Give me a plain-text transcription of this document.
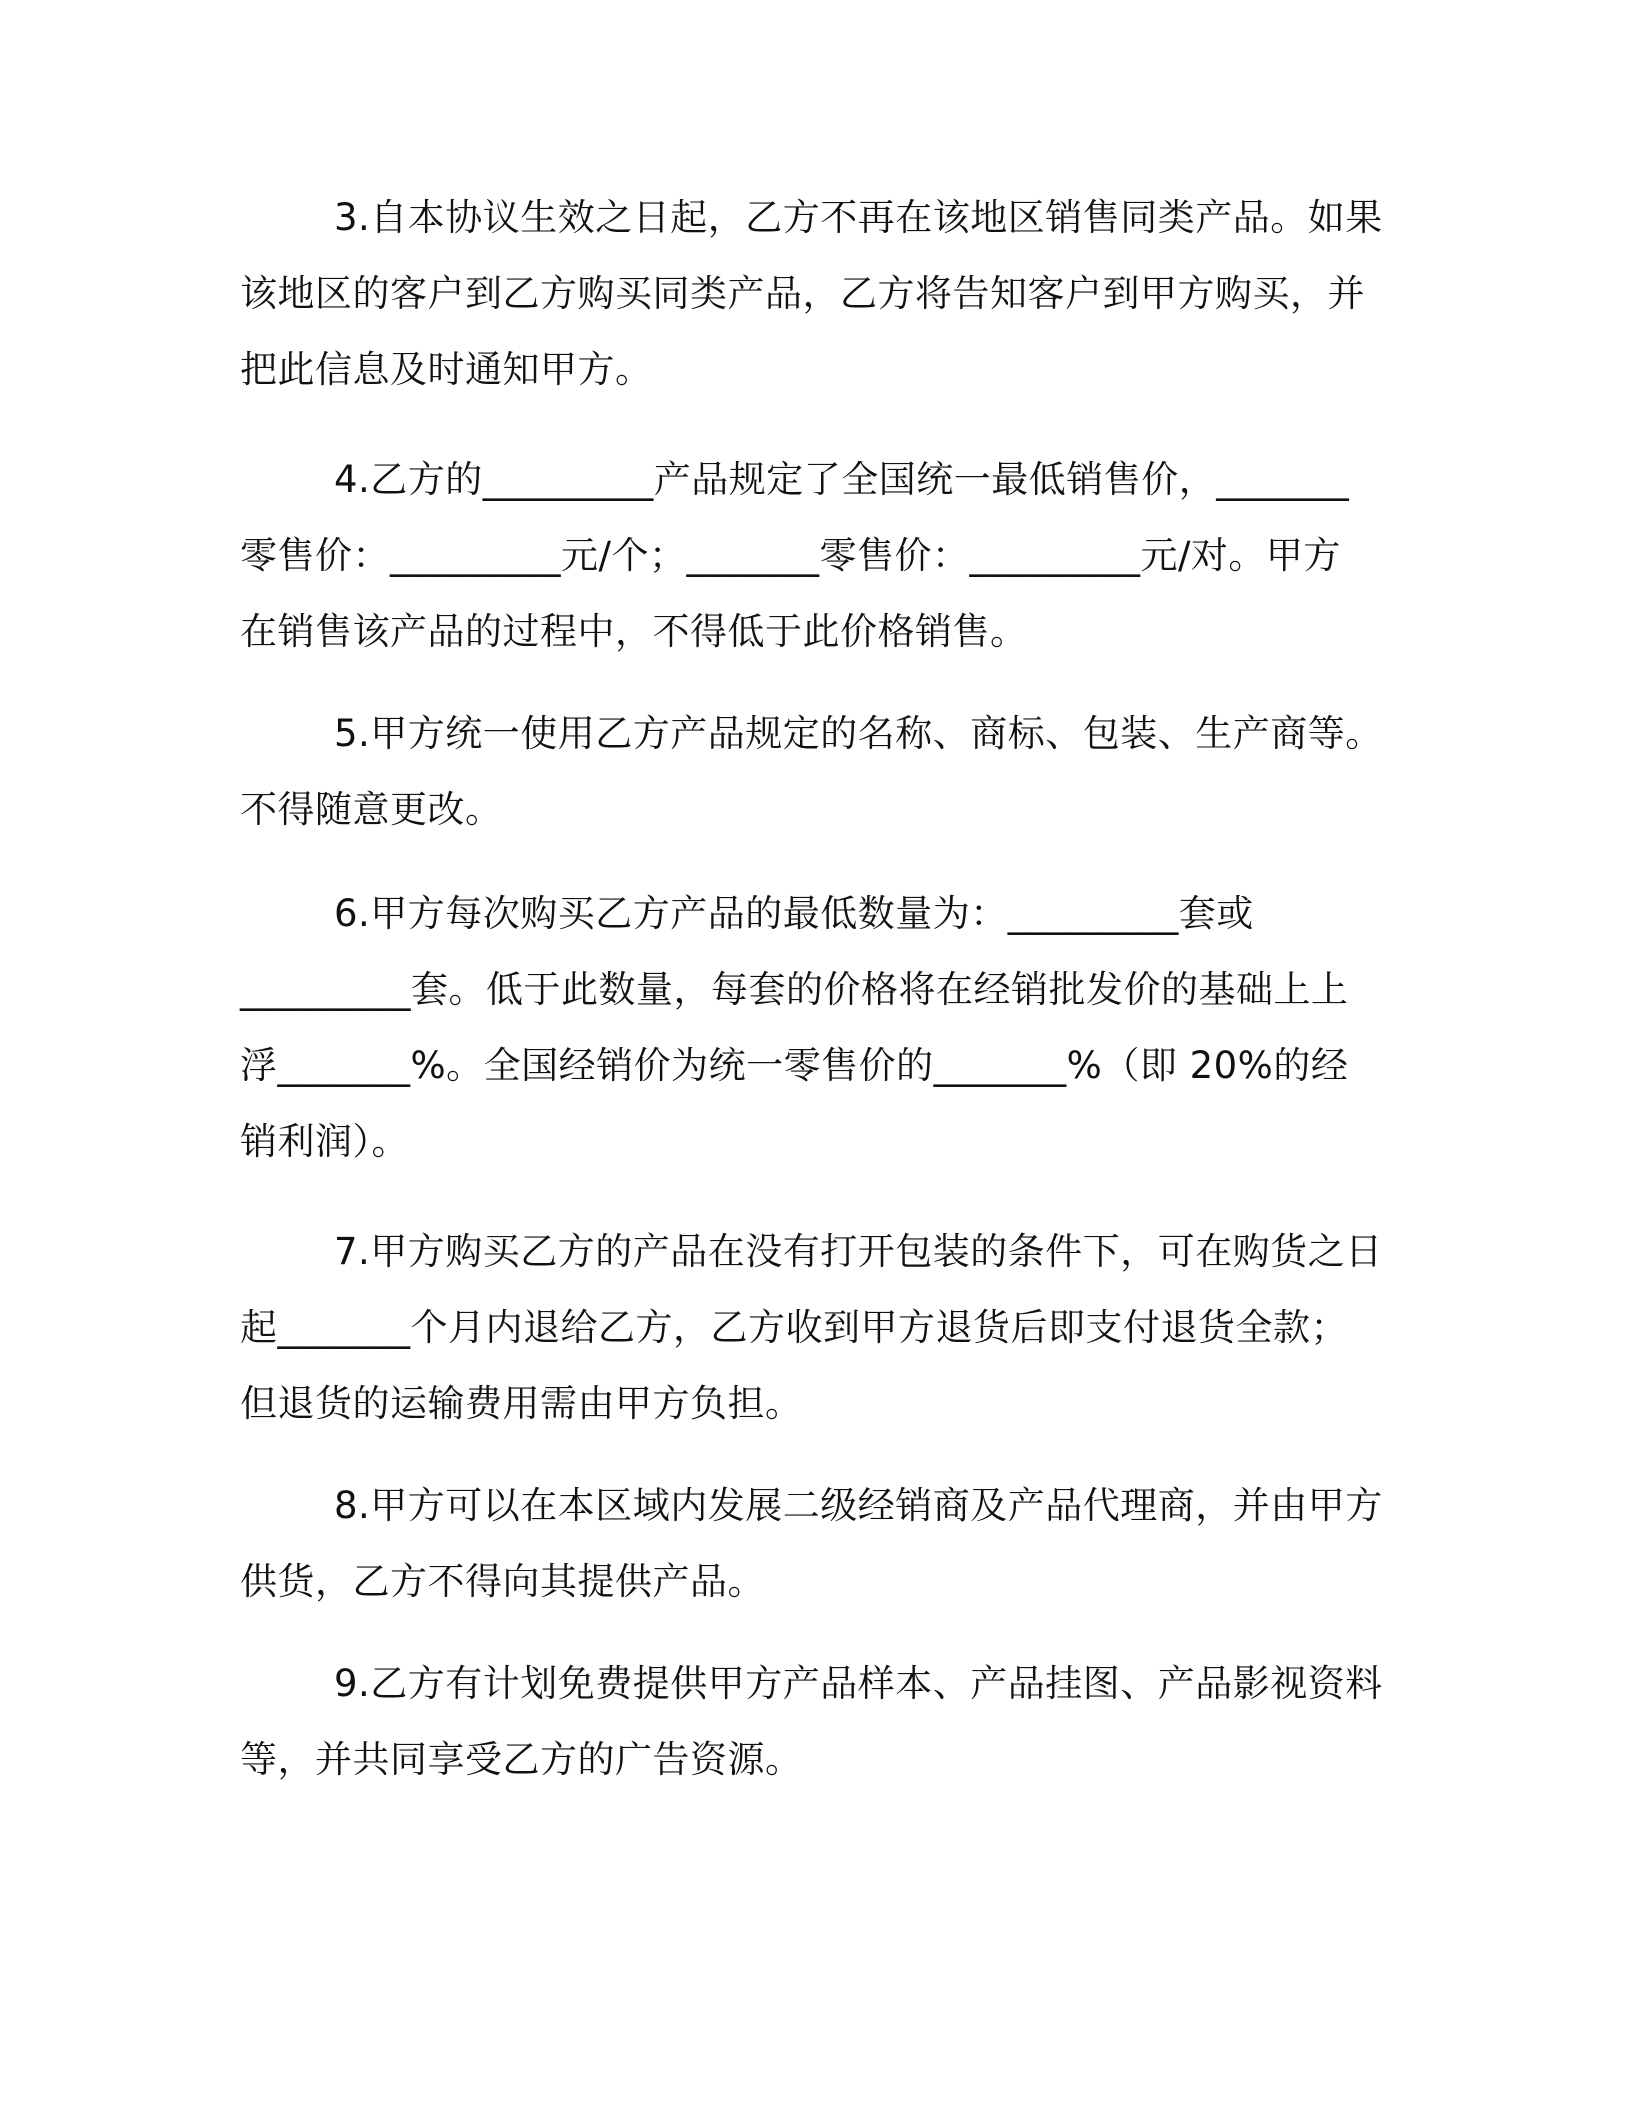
3.自本协议生效之日起，乙方不再在该地区销售同类产品。如果
该地区的客户到乙方购买同类产品，乙方将告知客户到甲方购买，并
把此信息及时通知甲方。

4.乙方的_________产品规定了全国统一最低销售价，_______
零售价：_________元/个；_______零售价：_________元/对。甲方
在销售该产品的过程中，不得低于此价格销售。

5.甲方统一使用乙方产品规定的名称、商标、包装、生产商等。
不得随意更改。

6.甲方每次购买乙方产品的最低数量为：_________套或
_________套。低于此数量，每套的价格将在经销批发价的基础上上
浮_______%。全国经销价为统一零售价的_______%（即 20%的经
销利润）。

7.甲方购买乙方的产品在没有打开包装的条件下，可在购货之日
起_______个月内退给乙方，乙方收到甲方退货后即支付退货全款；
但退货的运输费用需由甲方负担。

8.甲方可以在本区域内发展二级经销商及产品代理商，并由甲方
供货，乙方不得向其提供产品。

9.乙方有计划免费提供甲方产品样本、产品挂图、产品影视资料
等，并共同享受乙方的广告资源。
